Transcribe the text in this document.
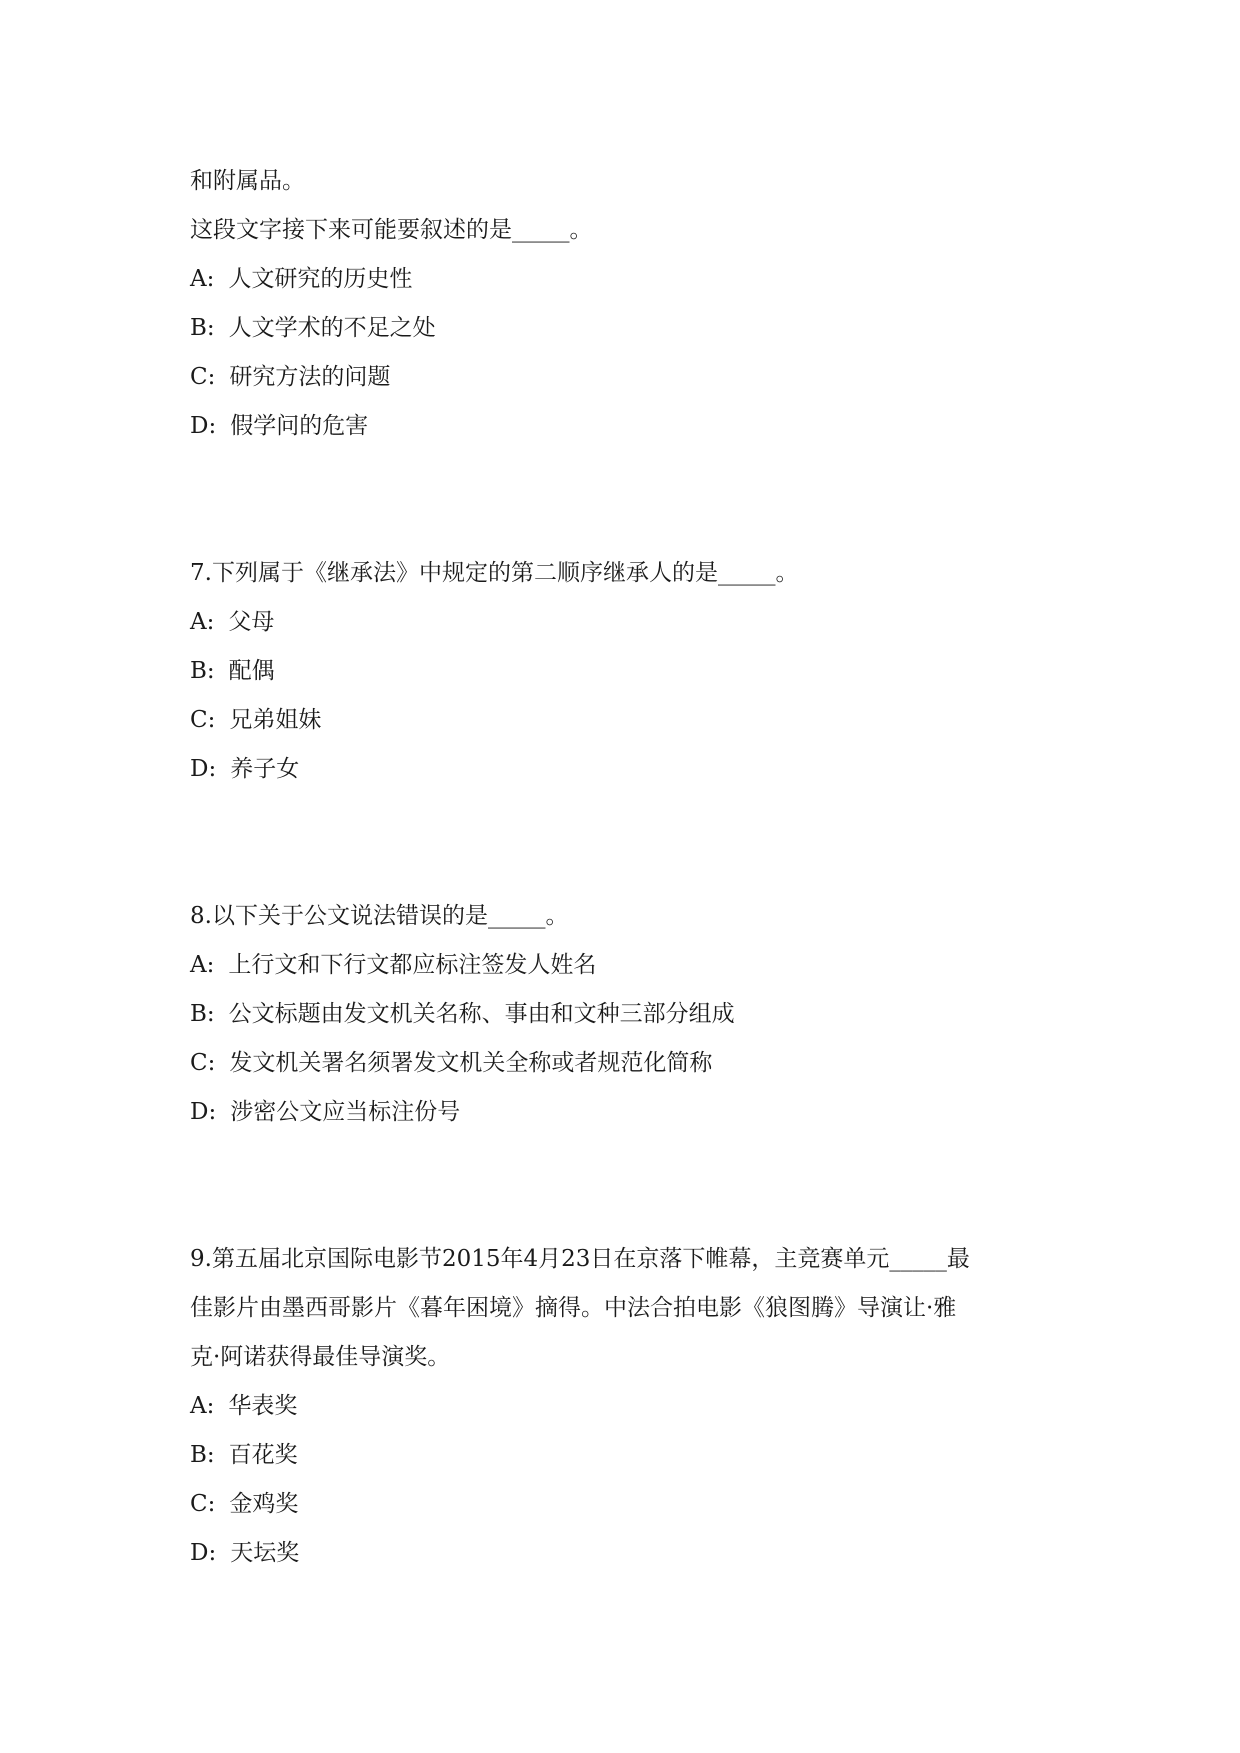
和附属品。
这段文字接下来可能要叙述的是_____。
A: 人文研究的历史性
B: 人文学术的不足之处
C: 研究方法的问题
D: 假学问的危害
7.下列属于《继承法》中规定的第二顺序继承人的是_____。
A: 父母
B: 配偶
C: 兄弟姐妹
D: 养子女
8.以下关于公文说法错误的是_____。
A: 上行文和下行文都应标注签发人姓名
B: 公文标题由发文机关名称、事由和文种三部分组成
C: 发文机关署名须署发文机关全称或者规范化简称
D: 涉密公文应当标注份号
9.第五届北京国际电影节2015年4月23日在京落下帷幕，主竞赛单元_____最
佳影片由墨西哥影片《暮年困境》摘得。中法合拍电影《狼图腾》导演让·雅
克·阿诺获得最佳导演奖。
A: 华表奖
B: 百花奖
C: 金鸡奖
D: 天坛奖
